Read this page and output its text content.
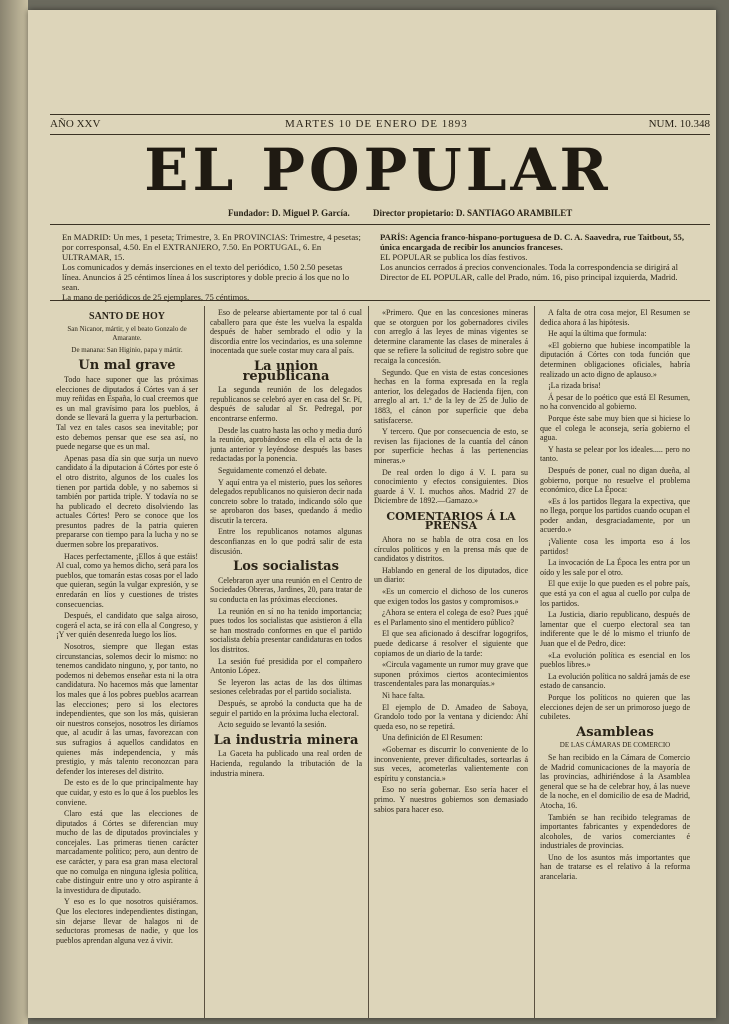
AÑO XXV	MARTES 10 DE ENERO DE 1893	NUM. 10.348
EL POPULAR
Fundador: D. Miguel P. García.	Director propietario: D. SANTIAGO ARAMBILET
En MADRID: Un mes, 1 peseta; Trimestre, 3. En PROVINCIAS: Trimestre, 4 pesetas; por corresponsal, 4.50. En el EXTRANJERO, 7.50. En PORTUGAL, 6. En ULTRAMAR, 15.
Los comunicados y demás inserciones en el texto del periódico, 1.50 2.50 pesetas línea. Anuncios á 25 céntimos línea á los suscriptores y doble precio á los que no lo sean.
La mano de periódicos de 25 ejemplares, 75 céntimos.
PARÍS: Agencia franco-hispano-portuguesa de D. C. A. Saavedra, rue Taitbout, 55, única encargada de recibir los anuncios franceses.
EL POPULAR se publica los días festivos.
Los anuncios cerrados á precios convencionales. Toda la correspondencia se dirigirá al Director de EL POPULAR, calle del Prado, núm. 16, piso principal izquierda, Madrid.
SANTO DE HOY
San Nicanor, mártir, y el beato Gonzalo de Amarante.
De manana: San Higinio, papa y mártir.
Un mal grave

Todo hace suponer que las próximas elecciones de diputados á Córtes van á ser muy reñidas en España, lo cual creemos que es un mal gravísimo para los pueblos, á donde se llevará la guerra y la perturbacion. Tal vez en tales casos sea inevitable; por esto debemos pensar que ese sea así, no puede negarse que es un mal.

Apenas pasa día sin que surja un nuevo candidato á la diputacion á Córtes por este ó el otro distrito, algunos de los cuales los tienen por partida doble, y no sabemos si también por partida triple. Y todavía no se ha publicado el decreto disolviendo las actuales Córtes! Pero se conoce que los presuntos padres de la patria quieren prepararse con tiempo para la lucha y no se duermen sobre los preparativos.

Haces perfectamente, ¡Ellos á que estáis! Al cual, como ya hemos dicho, será para los pueblos, que tomarán estas cosas por el lado que quieran, según la vulgar expresión, y se enredarán en líos y cuestiones de tristes consecuencias.

Después, el candidato que salga airoso, cogerá el acta, se irá con ella al Congreso, y ¡Y ver quién desenreda luego los líos.

Nosotros, siempre que llegan estas circunstancias, solemos decir lo mismo: no tenemos candidato ninguno, y, por tanto, no podemos ni debemos enseñar esta ni la otra candidatura. No hacemos más que lamentar los males que á los pobres pueblos acarrean las elecciones; pero si los electores independientes, que son los más, quisieran oir nuestros consejos, nosotros les diríamos que, al acudir á las urnas, favorezcan con sus sufragios á aquellos candidatos en quienes más independencia, y más prestigio, y más talento reconozcan para defender los intereses del distrito.

De esto es de lo que principalmente hay que cuidar, y esto es lo que á los pueblos les conviene.

Claro está que las elecciones de diputados á Córtes se diferencian muy mucho de las de diputados provinciales y concejales. Las primeras tienen carácter marcadamente político; pero, aun dentro de ese carácter, y para esa gran masa electoral que no comulga en ninguna iglesia política, cabe distinguir entre uno y otro aspirante á la investidura de diputado.

Y eso es lo que nosotros quisiéramos. Que los electores independientes distingan, sin dejarse llevar de halagos ni de seductoras promesas de nadie, y que los pueblos aprendan alguna vez á vivir.

Eso de pelearse abiertamente por tal ó cual caballero para que éste les vuelva la espalda después de haber sembrado el odio y la discordia entre los vecindarios, es una solemne inocentada que suele costar muy cara al país.

La union republicana

La segunda reunión de los delegados republicanos se celebró ayer en casa del Sr. Pí, después de saludar al Sr. Pedregal, por encontrarse enfermo.

Desde las cuatro hasta las ocho y media duró la reunión, aprobándose en ella el acta de la junta anterior y leyéndose después las bases redactadas por la ponencia.

Seguidamente comenzó el debate.

Y aquí entra ya el misterio, pues los señores delegados republicanos no quisieron decir nada concreto sobre lo tratado, indicando sólo que se aprobaron dos bases, quedando á medio discutir la tercera.

Entre los republicanos notamos algunas desconfianzas en lo que podrá salir de esta discusión.

Los socialistas

Celebraron ayer una reunión en el Centro de Sociedades Obreras, Jardines, 20, para tratar de su conducta en las próximas elecciones.

La reunión en sí no ha tenido importancia; pues todos los socialistas que asistieron á ella se han mostrado conformes en que el partido socialista debía presentar candidaturas en todos los distritos.

La sesión fué presidida por el compañero Antonio López.

Se leyeron las actas de las dos últimas sesiones celebradas por el partido socialista.

Después, se aprobó la conducta que ha de seguir el partido en la próxima lucha electoral.

Acto seguido se levantó la sesión.

La industria minera

La Gaceta ha publicado una real orden de Hacienda, regulando la tributación de la industria minera.

«Primero. Que en las concesiones mineras que se otorguen por los gobernadores civiles con arreglo á las leyes de minas vigentes se determine claramente las clases de minerales á que se refiere la solicitud de registro sobre que recaiga la concesión.

Segundo. Que en vista de estas concesiones hechas en la forma expresada en la regla anterior, los delegados de Hacienda fijen, con arreglo al art. 1.º de la ley de 25 de Julio de 1883, el cánon por superficie que deba satisfacerse.

Y tercero. Que por consecuencia de esto, se revisen las fijaciones de la cuantía del cánon por superficie hechas á las pertenencias mineras.»

De real orden lo digo á V. I. para su conocimiento y efectos consiguientes. Dios guarde á V. I. muchos años. Madrid 27 de Diciembre de 1892.—Gamazo.»

COMENTARIOS Á LA PRENSA

Ahora no se habla de otra cosa en los círculos políticos y en la prensa más que de candidatos y distritos.

Hablando en general de los diputados, dice un diario:

«Es un comercio el dichoso de los cuneros que exigen todos los gastos y compromisos.»

¿Ahora se entera el colega de eso? Pues ¡qué es el Parlamento sino el mentidero público?

El que sea aficionado á descifrar logogrifos, puede dedicarse á resolver el siguiente que copiamos de un diario de la tarde:

«Circula vagamente un rumor muy grave que suponen próximos ciertos acontecimientos trascendentales para las monarquías.»

Ni hace falta.

El ejemplo de D. Amadeo de Saboya, Grandolo todo por la ventana y diciendo: Ahí queda eso, no se repetirá.

Una definición de El Resumen:

«Gobernar es discurrir lo conveniente de lo inconveniente, prever dificultades, sortearlas á sus veces, acometerlas valientemente con espíritu y constancia.»

Eso no sería gobernar. Eso sería hacer el primo. Y nuestros gobiernos son demasiado sabios para hacer eso.

A falta de otra cosa mejor, El Resumen se dedica ahora á las hipótesis.

He aquí la última que formula:

«El gobierno que hubiese incompatible la diputación á Córtes con toda función que determinen obligaciones oficiales, habría realizado un acto digno de aplauso.»

¡La rizada brisa!

Á pesar de lo poético que está El Resumen, no ha convencido al gobierno.

Porque éste sabe muy bien que si hiciese lo que el colega le aconseja, sería gobierno el agua.

Y hasta se pelear por los ideales..... pero no tanto.

Después de poner, cual no digan dueña, al gobierno, porque no resuelve el problema económico, dice La Época:

«Es á los partidos llegara la expectiva, que no llega, porque los partidos cuando ocupan el poder andan, desgraciadamente, por un acuerdo.»

¡Valiente cosa les importa eso á los partidos!

La invocación de La Época les entra por un oído y les sale por el otro.

El que exije lo que pueden es el pobre país, que está ya con el agua al cuello por culpa de los partidos.

La Justicia, diario republicano, después de lamentar que el cuerpo electoral sea tan indiferente que le dé lo mismo el triunfo de Juan que el de Pedro, dice:

«La evolución política es esencial en los pueblos libres.»

La evolución política no saldrá jamás de ese estado de cansancio.

Porque los políticos no quieren que las elecciones dejen de ser un primoroso juego de cubiletes.

Asambleas
DE LAS CÁMARAS DE COMERCIO

Se han recibido en la Cámara de Comercio de Madrid comunicaciones de la mayoría de las provincias, adhiriéndose á la Asamblea general que se ha de celebrar hoy, á las nueve de la noche, en el domicilio de esa de Madrid, Atocha, 16.

También se han recibido telegramas de importantes fabricantes y expendedores de alcoholes, de varios comerciantes é industriales de provincias.

Uno de los asuntos más importantes que han de tratarse es el relativo á la reforma arancelaria.
